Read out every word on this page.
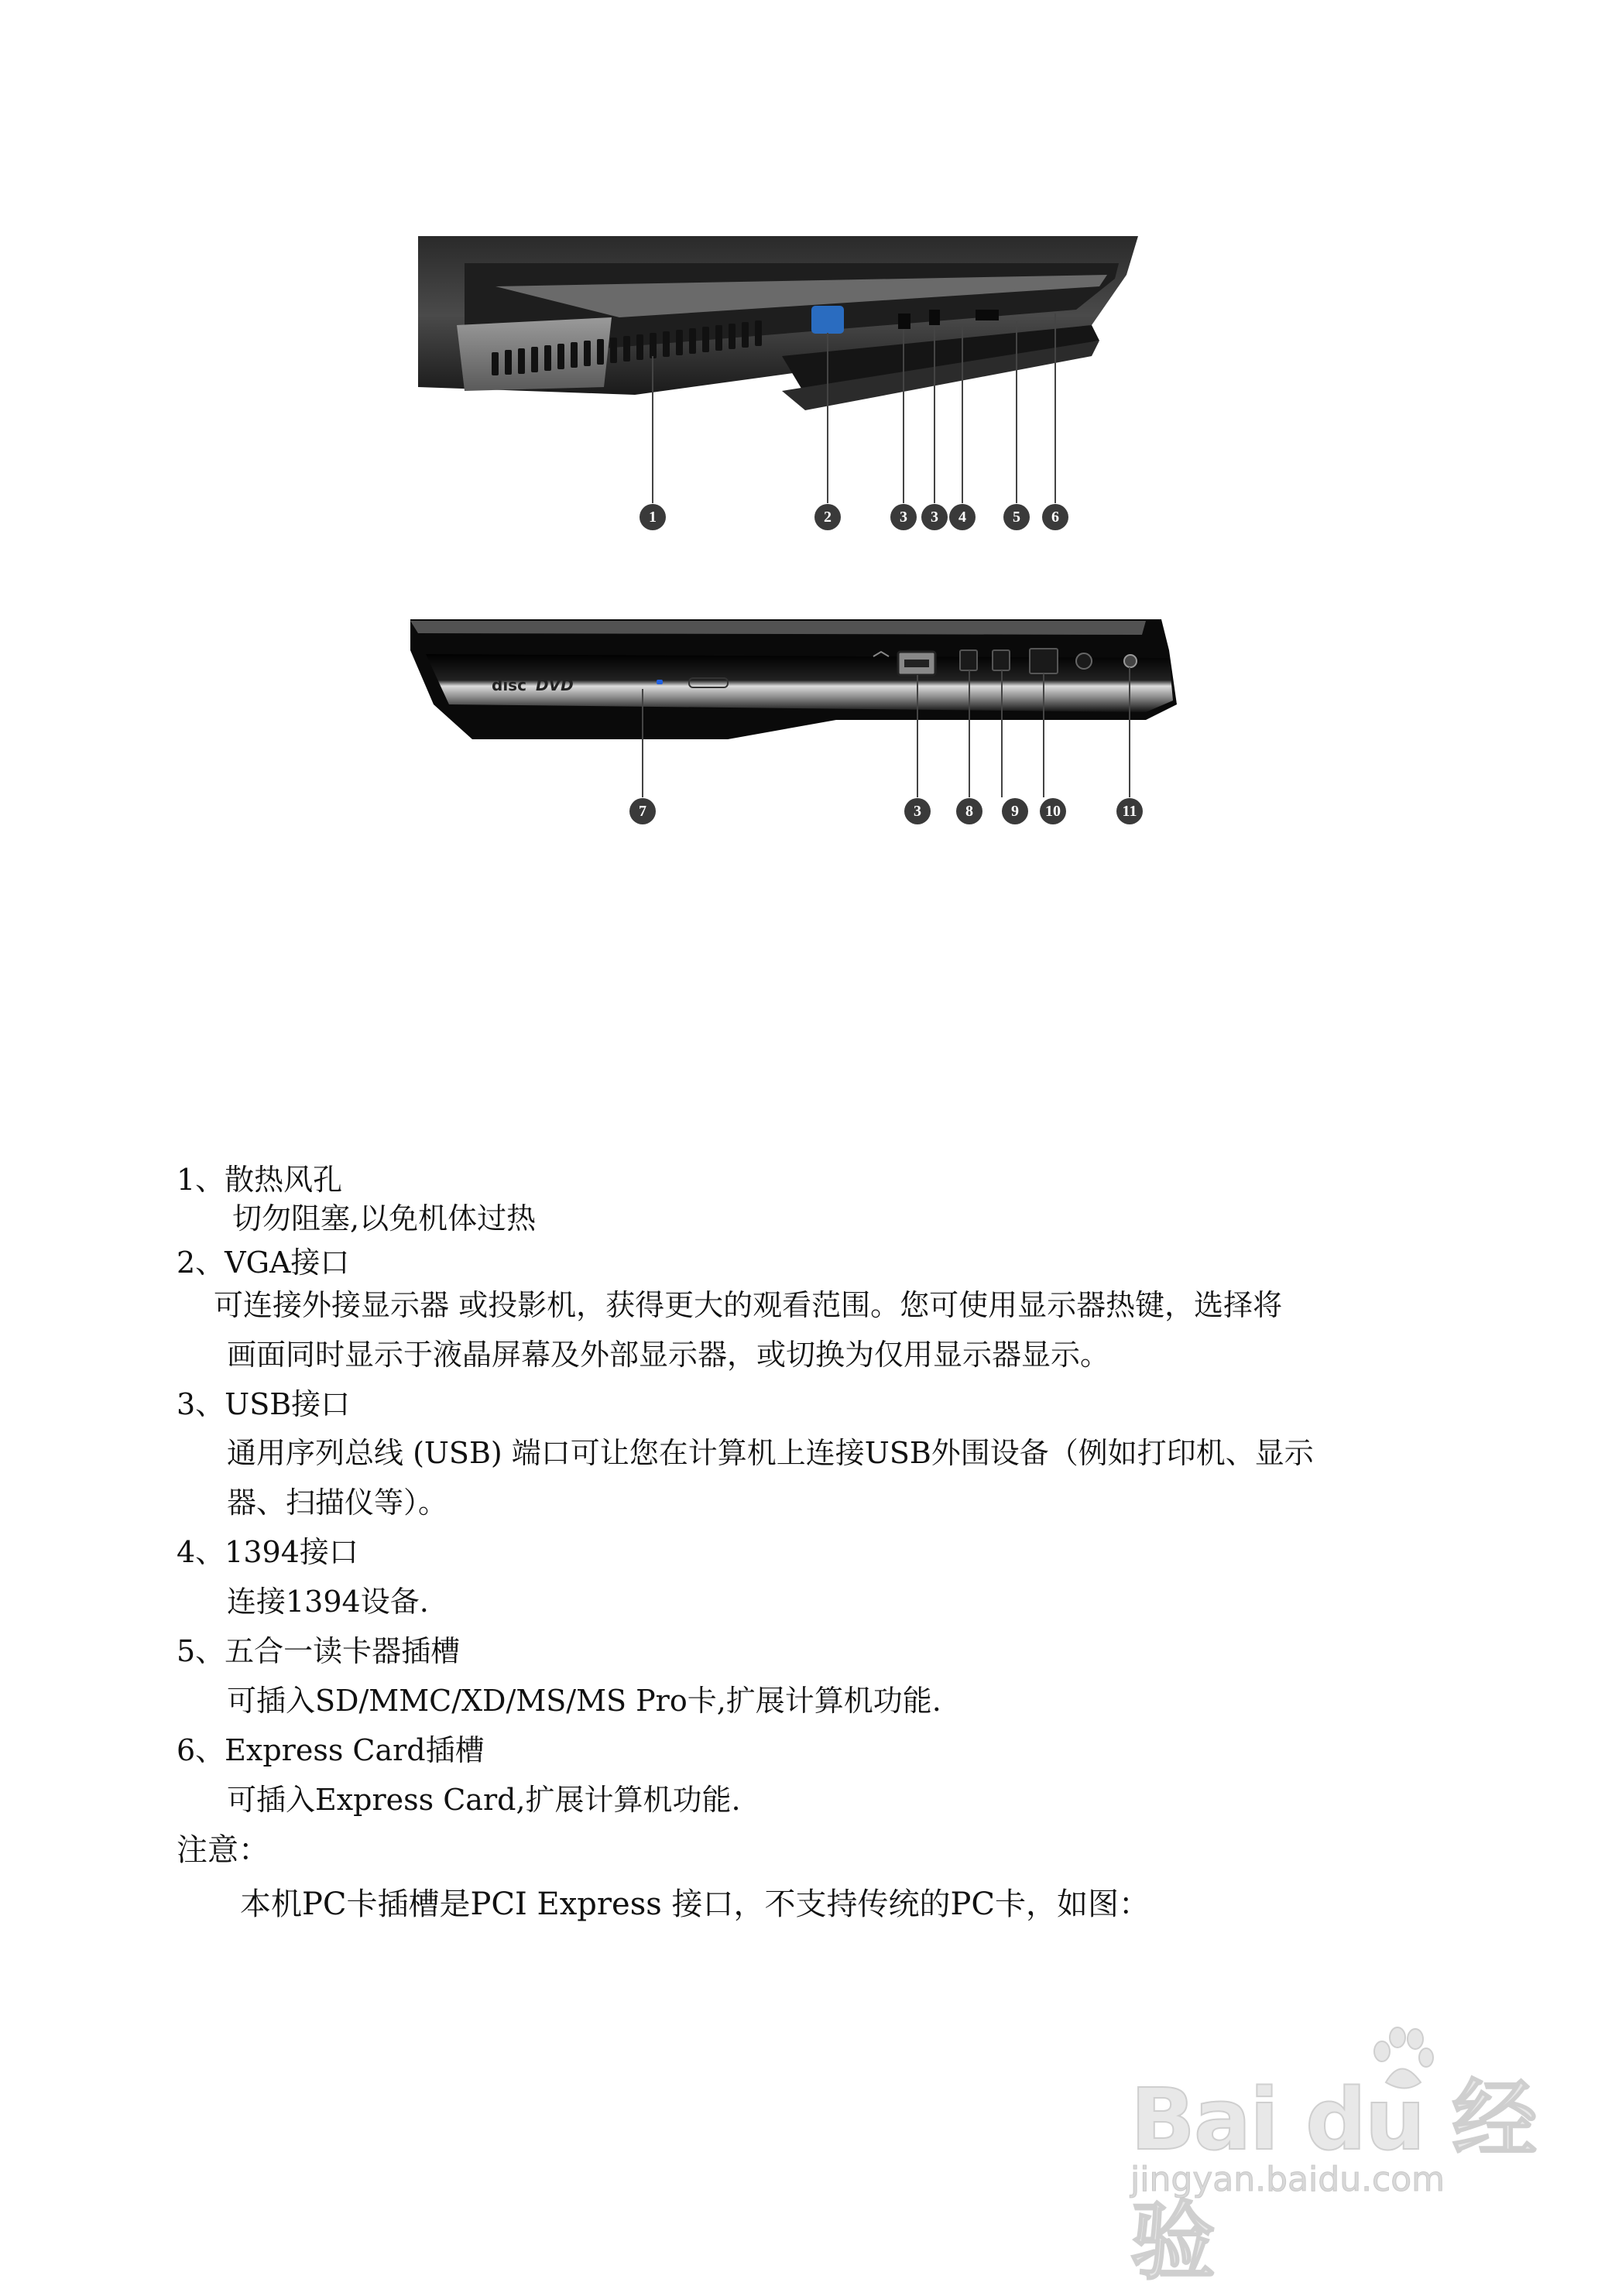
1	2	3	3	4	5	6
disc DVD
7	3	8	9	10	11
1、散热风孔
切勿阻塞,以免机体过热
2、VGA接口
可连接外接显示器 或投影机，获得更大的观看范围。您可使用显示器热键，选择将
画面同时显示于液晶屏幕及外部显示器，或切换为仅用显示器显示。
3、USB接口
通用序列总线 (USB) 端口可让您在计算机上连接USB外围设备（例如打印机、显示
器、扫描仪等）。
4、1394接口
连接1394设备.
5、五合一读卡器插槽
可插入SD/MMC/XD/MS/MS Pro卡,扩展计算机功能.
6、Express Card插槽
可插入Express Card,扩展计算机功能.
注意：
本机PC卡插槽是PCI Express 接口，不支持传统的PC卡，如图：
Bai du 经验
jingyan.baidu.com
